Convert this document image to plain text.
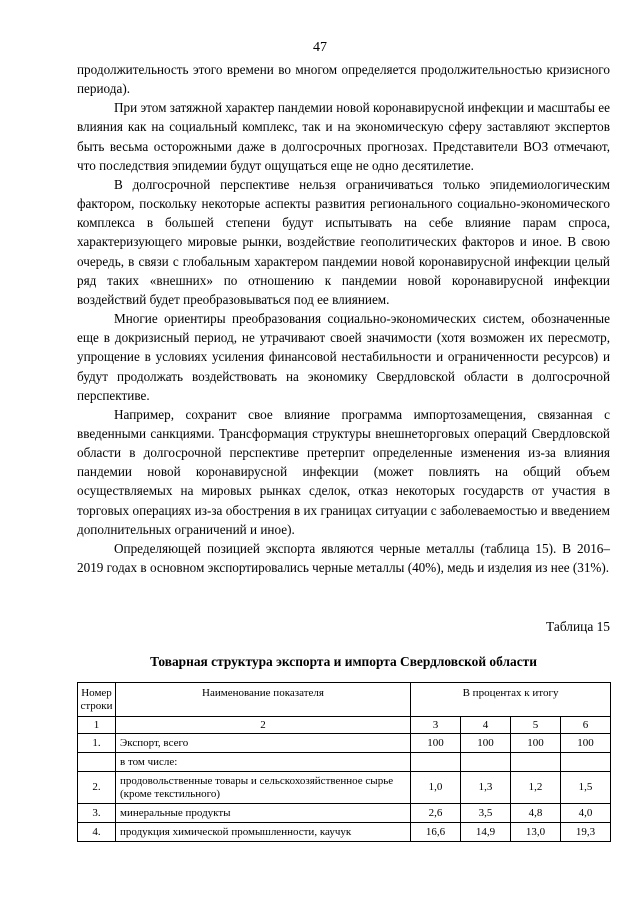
47

продолжительность этого времени во многом определяется продолжительностью кризисного периода).

При этом затяжной характер пандемии новой коронавирусной инфекции и масштабы ее влияния как на социальный комплекс, так и на экономическую сферу заставляют экспертов быть весьма осторожными даже в долгосрочных прогнозах. Представители ВОЗ отмечают, что последствия эпидемии будут ощущаться еще не одно десятилетие.

В долгосрочной перспективе нельзя ограничиваться только эпидемиологическим фактором, поскольку некоторые аспекты развития регионального социально-экономического комплекса в большей степени будут испытывать на себе влияние парам спроса, характеризующего мировые рынки, воздействие геополитических факторов и иное. В свою очередь, в связи с глобальным характером пандемии новой коронавирусной инфекции целый ряд таких «внешних» по отношению к пандемии новой коронавирусной инфекции воздействий будет преобразовываться под ее влиянием.

Многие ориентиры преобразования социально-экономических систем, обозначенные еще в докризисный период, не утрачивают своей значимости (хотя возможен их пересмотр, упрощение в условиях усиления финансовой нестабильности и ограниченности ресурсов) и будут продолжать воздействовать на экономику Свердловской области в долгосрочной перспективе.

Например, сохранит свое влияние программа импортозамещения, связанная с введенными санкциями. Трансформация структуры внешнеторговых операций Свердловской области в долгосрочной перспективе претерпит определенные изменения из-за влияния пандемии новой коронавирусной инфекции (может повлиять на общий объем осуществляемых на мировых рынках сделок, отказ некоторых государств от участия в торговых операциях из-за обострения в их границах ситуации с заболеваемостью и введением дополнительных ограничений и иное).

Определяющей позицией экспорта являются черные металлы (таблица 15). В 2016–2019 годах в основном экспортировались черные металлы (40%), медь и изделия из нее (31%).

Таблица 15
Товарная структура экспорта и импорта Свердловской области
Номер строки	Наименование показателя	В процентах к итогу			
1	2	3	4	5	6
1.	Экспорт, всего	100	100	100	100
	в том числе:				
2.	продовольственные товары и сельскохозяйственное сырье (кроме текстильного)	1,0	1,3	1,2	1,5
3.	минеральные продукты	2,6	3,5	4,8	4,0
4.	продукция химической промышленности, каучук	16,6	14,9	13,0	19,3
